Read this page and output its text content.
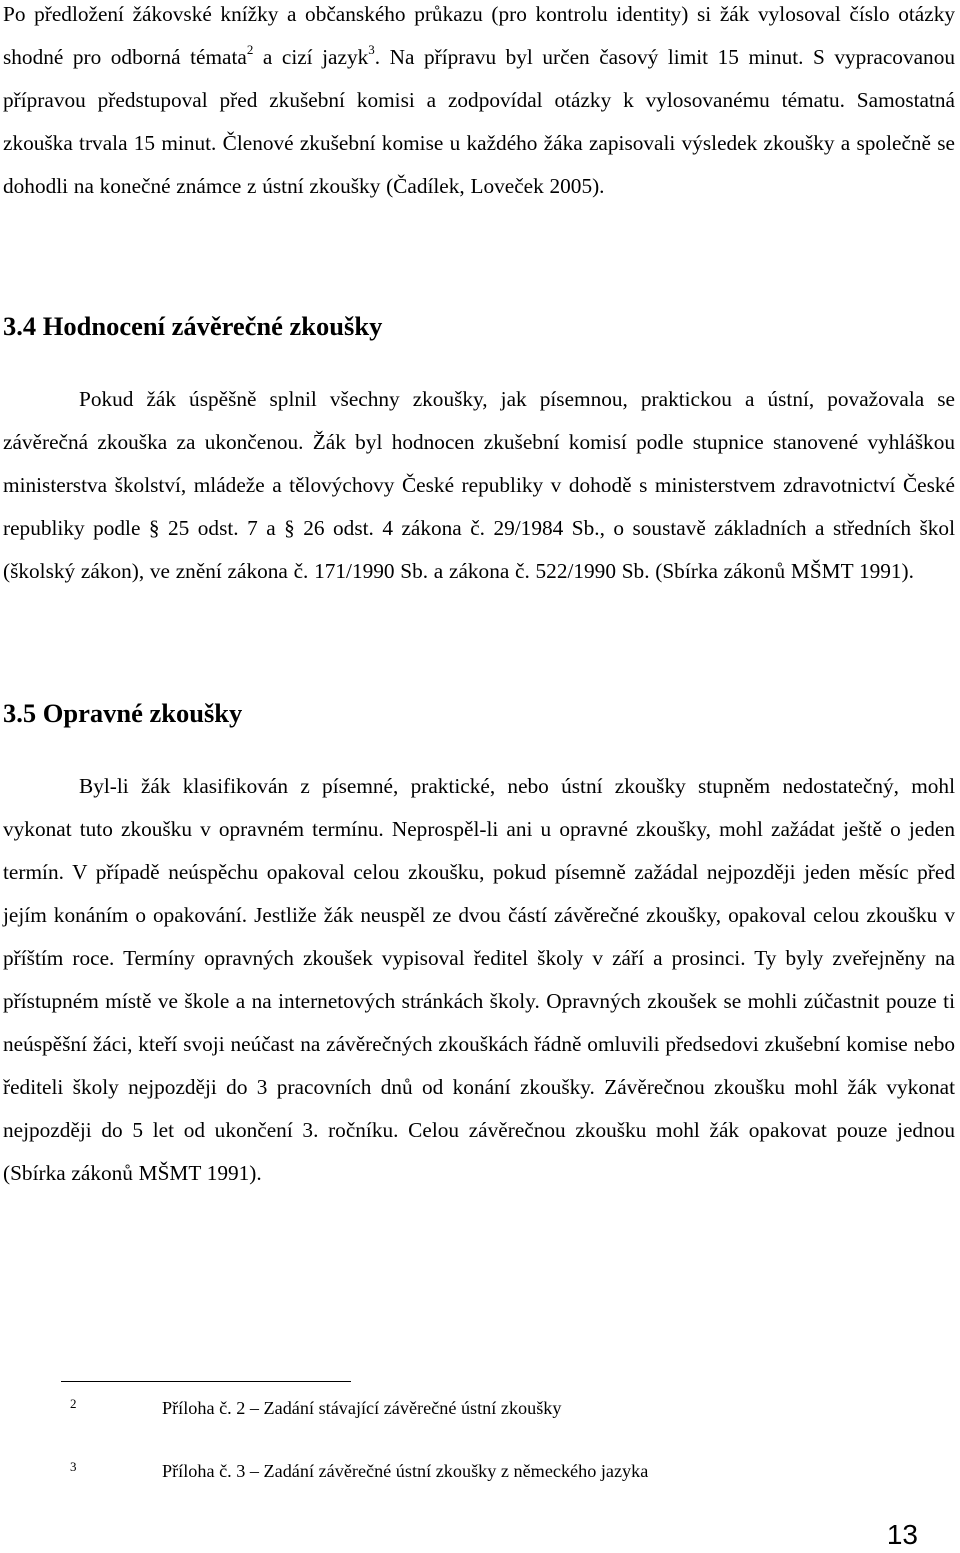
Po předložení žákovské knížky a občanského průkazu (pro kontrolu identity) si žák vylosoval číslo otázky shodné pro odborná témata$^2$ a cizí jazyk$^3$. Na přípravu byl určen časový limit 15 minut. S vypracovanou přípravou předstupoval před zkušební komisi a zodpovídal otázky k vylosovanému tématu. Samostatná zkouška trvala 15 minut. Členové zkušební komise u každého žáka zapisovali výsledek zkoušky a společně se dohodli na konečné známce z ústní zkoušky (Čadílek, Loveček 2005).

3.4 Hodnocení závěrečné zkoušky

Pokud žák úspěšně splnil všechny zkoušky, jak písemnou, praktickou a ústní, považovala se závěrečná zkouška za ukončenou. Žák byl hodnocen zkušební komisí podle stupnice stanovené vyhláškou ministerstva školství, mládeže a tělovýchovy České republiky v dohodě s ministerstvem zdravotnictví České republiky podle § 25 odst. 7 a § 26 odst. 4 zákona č. 29/1984 Sb., o soustavě základních a středních škol (školský zákon), ve znění zákona č. 171/1990 Sb. a zákona č. 522/1990 Sb. (Sbírka zákonů MŠMT 1991).

3.5 Opravné zkoušky

Byl-li žák klasifikován z písemné, praktické, nebo ústní zkoušky stupněm nedostatečný, mohl vykonat tuto zkoušku v opravném termínu. Neprospěl-li ani u opravné zkoušky, mohl zažádat ještě o jeden termín. V případě neúspěchu opakoval celou zkoušku, pokud písemně zažádal nejpozději jeden měsíc před jejím konáním o opakování. Jestliže žák neuspěl ze dvou částí závěrečné zkoušky, opakoval celou zkoušku v příštím roce. Termíny opravných zkoušek vypisoval ředitel školy v září a prosinci. Ty byly zveřejněny na přístupném místě ve škole a na internetových stránkách školy. Opravných zkoušek se mohli zúčastnit pouze ti neúspěšní žáci, kteří svoji neúčast na závěrečných zkouškách řádně omluvili předsedovi zkušební komise nebo řediteli školy nejpozději do 3 pracovních dnů od konání zkoušky. Závěrečnou zkoušku mohl žák vykonat nejpozději do 5 let od ukončení 3. ročníku. Celou závěrečnou zkoušku mohl žák opakovat pouze jednou (Sbírka zákonů MŠMT 1991).

2	Příloha č. 2 – Zadání stávající závěrečné ústní zkoušky
3	Příloha č. 3 – Zadání závěrečné ústní zkoušky z německého jazyka
13
